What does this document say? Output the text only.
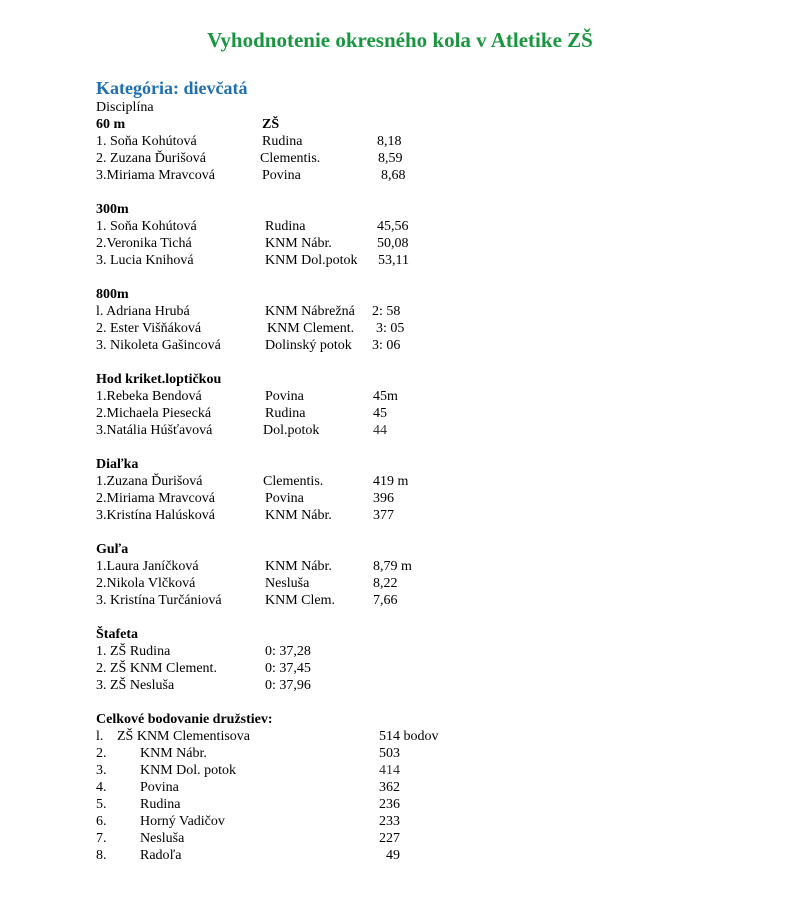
Vyhodnotenie okresného kola v Atletike ZŠ
Kategória: dievčatá
Disciplína
60 m	ZŠ
1. Soňa Kohútová	Rudina	8,18
2. Zuzana Ďurišová	Clementis.	8,59
3.Miriama Mravcová	Povina	8,68
300m
1. Soňa Kohútová	Rudina	45,56
2.Veronika Tichá	KNM Nábr.	50,08
3. Lucia Knihová	KNM Dol.potok 53,11
800m
l. Adriana Hrubá	KNM Nábrežná 2: 58
2. Ester Višňáková	KNM Clement. 3: 05
3. Nikoleta Gašincová	Dolinský potok 3: 06
Hod kriket.loptičkou
1.Rebeka Bendová	Povina	45m
2.Michaela Piesecká	Rudina	45
3.Natália Húšťavová	Dol.potok	44
Diaľka
1.Zuzana Ďurišová	Clementis.	419 m
2.Miriama Mravcová	Povina	396
3.Kristína Halúsková	KNM Nábr.	377
Guľa
1.Laura Janíčková	KNM Nábr.	8,79 m
2.Nikola Vlčková	Nesluša	8,22
3. Kristína Turčániová	KNM Clem.	7,66
Štafeta
1. ZŠ Rudina	0: 37,28
2. ZŠ KNM Clement.	0: 37,45
3. ZŠ Nesluša	0: 37,96
Celkové bodovanie družstiev:
l. ZŠ KNM Clementisova	514 bodov
2. KNM Nábr.	503
3. KNM Dol. potok	414
4. Povina	362
5. Rudina	236
6. Horný Vadičov	233
7. Nesluša	227
8. Radoľa	49
